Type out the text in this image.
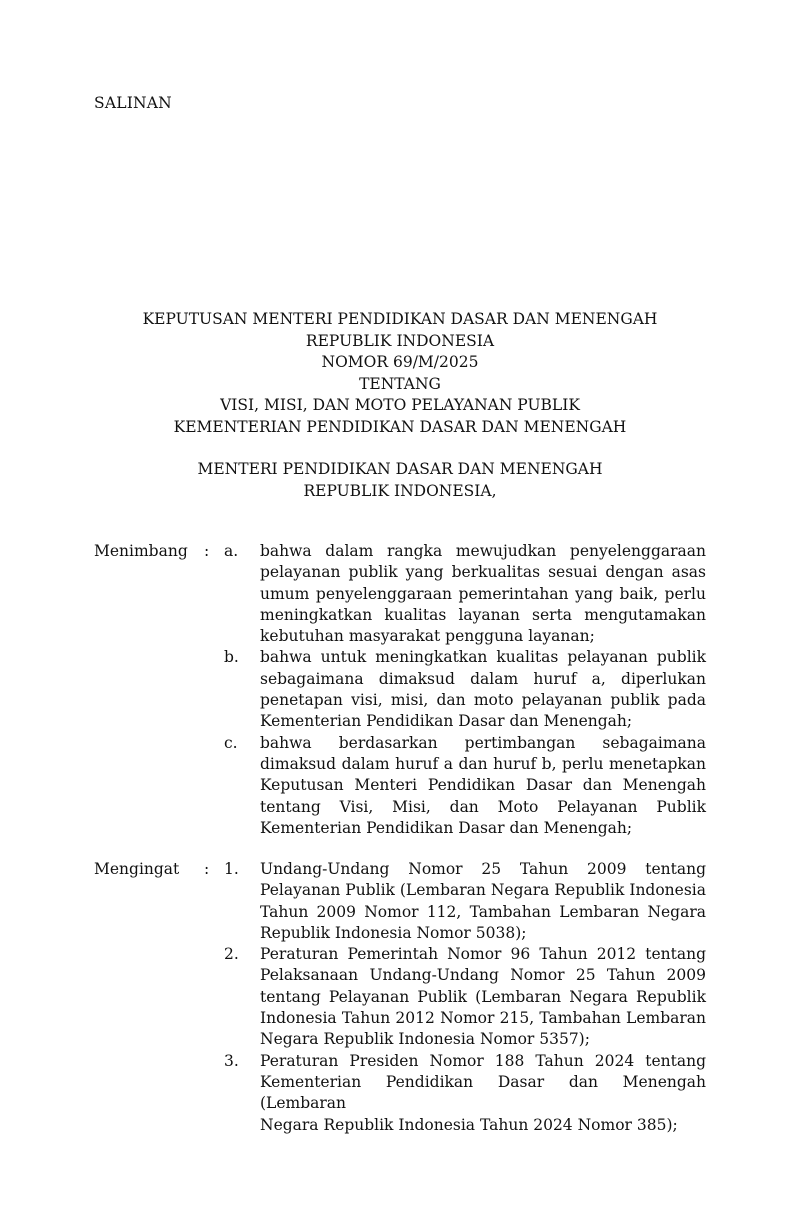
SALINAN
KEPUTUSAN MENTERI PENDIDIKAN DASAR DAN MENENGAH
REPUBLIK INDONESIA
NOMOR 69/M/2025
TENTANG
VISI, MISI, DAN MOTO PELAYANAN PUBLIK
KEMENTERIAN PENDIDIKAN DASAR DAN MENENGAH
MENTERI PENDIDIKAN DASAR DAN MENENGAH
REPUBLIK INDONESIA,
Menimbang : a. bahwa dalam rangka mewujudkan penyelenggaraan
pelayanan publik yang berkualitas sesuai dengan asas
umum penyelenggaraan pemerintahan yang baik, perlu
meningkatkan kualitas layanan serta mengutamakan
kebutuhan masyarakat pengguna layanan;
b. bahwa untuk meningkatkan kualitas pelayanan publik
sebagaimana dimaksud dalam huruf a, diperlukan
penetapan visi, misi, dan moto pelayanan publik pada
Kementerian Pendidikan Dasar dan Menengah;
c. bahwa berdasarkan pertimbangan sebagaimana
dimaksud dalam huruf a dan huruf b, perlu menetapkan
Keputusan Menteri Pendidikan Dasar dan Menengah
tentang Visi, Misi, dan Moto Pelayanan Publik
Kementerian Pendidikan Dasar dan Menengah;
Mengingat : 1. Undang-Undang Nomor 25 Tahun 2009 tentang
Pelayanan Publik (Lembaran Negara Republik Indonesia
Tahun 2009 Nomor 112, Tambahan Lembaran Negara
Republik Indonesia Nomor 5038);
2. Peraturan Pemerintah Nomor 96 Tahun 2012 tentang
Pelaksanaan Undang-Undang Nomor 25 Tahun 2009
tentang Pelayanan Publik (Lembaran Negara Republik
Indonesia Tahun 2012 Nomor 215, Tambahan Lembaran
Negara Republik Indonesia Nomor 5357);
3. Peraturan Presiden Nomor 188 Tahun 2024 tentang
Kementerian Pendidikan Dasar dan Menengah (Lembaran
Negara Republik Indonesia Tahun 2024 Nomor 385);
